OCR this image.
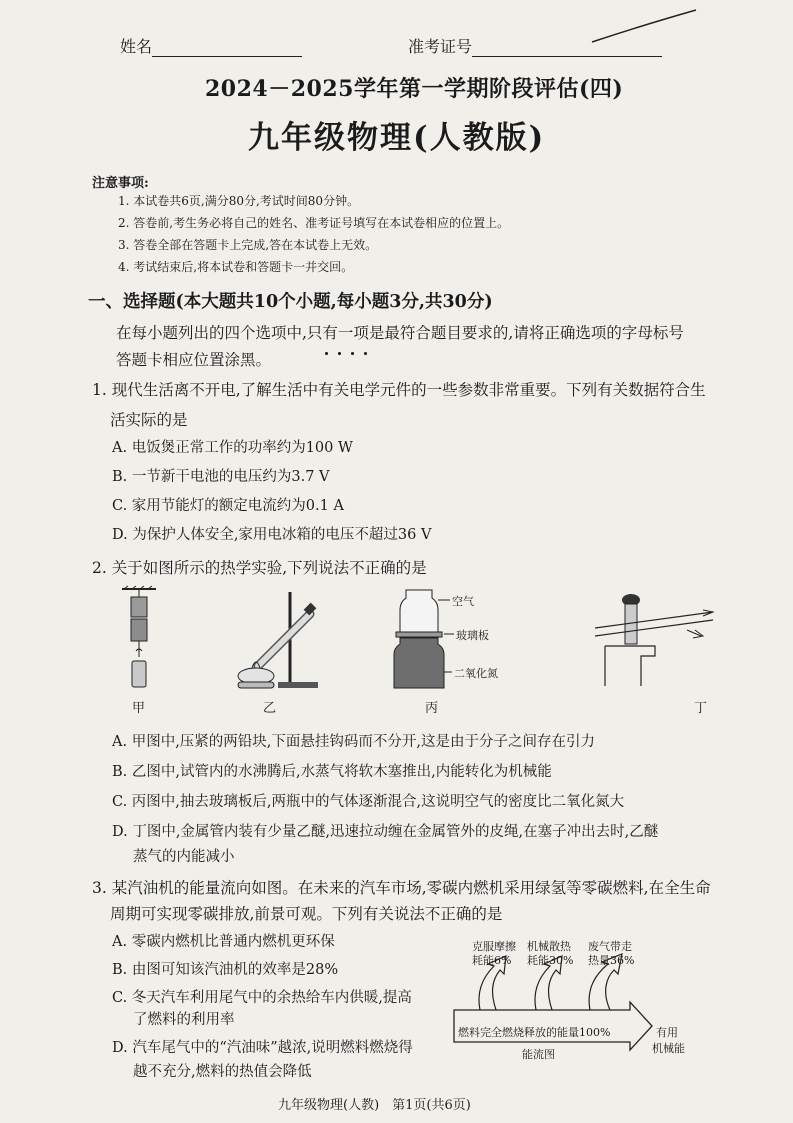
姓名	准考证号
2024－2025学年第一学期阶段评估(四)
九年级物理(人教版)
注意事项:
1. 本试卷共6页,满分80分,考试时间80分钟。
2. 答卷前,考生务必将自己的姓名、准考证号填写在本试卷相应的位置上。
3. 答卷全部在答题卡上完成,答在本试卷上无效。
4. 考试结束后,将本试卷和答题卡一并交回。
一、选择题(本大题共10个小题,每小题3分,共30分)
在每小题列出的四个选项中,只有一项是最符合题目要求的,请将正确选项的字母标号
答题卡相应位置涂黑。
1. 现代生活离不开电,了解生活中有关电学元件的一些参数非常重要。下列有关数据符合生
活实际的是
A. 电饭煲正常工作的功率约为100 W
B. 一节新干电池的电压约为3.7 V
C. 家用节能灯的额定电流约为0.1 A
D. 为保护人体安全,家用电冰箱的电压不超过36 V
2. 关于如图所示的热学实验,下列说法不正确的是
甲	乙
空气
玻璃板
二氧化氮
丙	丁
A. 甲图中,压紧的两铅块,下面悬挂钩码而不分开,这是由于分子之间存在引力
B. 乙图中,试管内的水沸腾后,水蒸气将软木塞推出,内能转化为机械能
C. 丙图中,抽去玻璃板后,两瓶中的气体逐渐混合,这说明空气的密度比二氧化氮大
D. 丁图中,金属管内装有少量乙醚,迅速拉动缠在金属管外的皮绳,在塞子冲出去时,乙醚
蒸气的内能减小
3. 某汽油机的能量流向如图。在未来的汽车市场,零碳内燃机采用绿氢等零碳燃料,在全生命
周期可实现零碳排放,前景可观。下列有关说法不正确的是
A. 零碳内燃机比普通内燃机更环保
B. 由图可知该汽油机的效率是28%
C. 冬天汽车利用尾气中的余热给车内供暖,提高
了燃料的利用率
D. 汽车尾气中的“汽油味”越浓,说明燃料燃烧得
越不充分,燃料的热值会降低
克服摩擦
耗能6%
机械散热
耗能30%
废气带走
热量36%
燃料完全燃烧释放的能量100%	有用
机械能
能流图
九年级物理(人教)　第1页(共6页)
